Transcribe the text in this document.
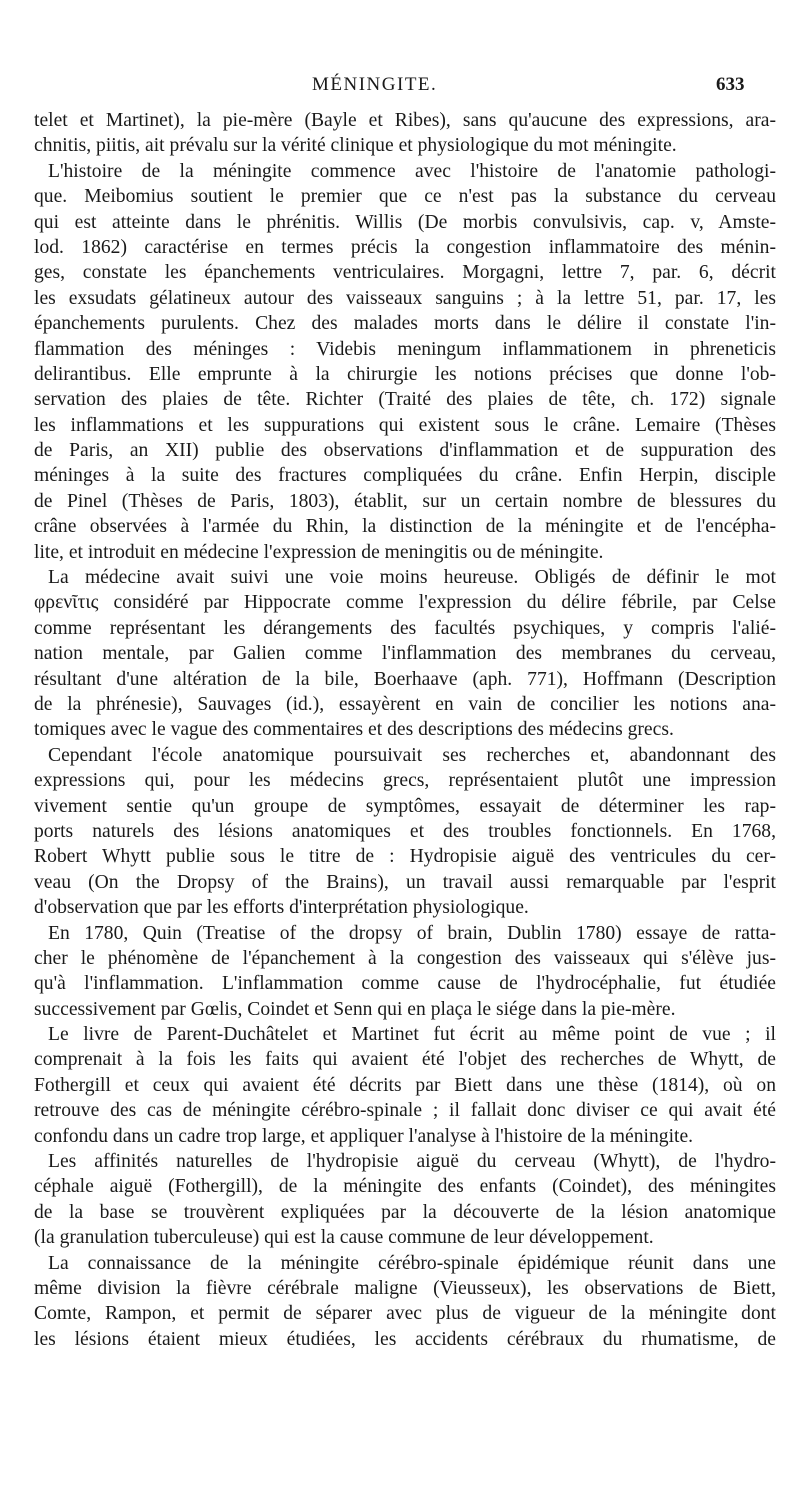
MÉNINGITE.	633
telet et Martinet), la pie-mère (Bayle et Ribes), sans qu'aucune des expressions, ara-
chnitis, piitis, ait prévalu sur la vérité clinique et physiologique du mot méningite.
L'histoire de la méningite commence avec l'histoire de l'anatomie pathologi-
que. Meibomius soutient le premier que ce n'est pas la substance du cerveau
qui est atteinte dans le phrénitis. Willis (De morbis convulsivis, cap. v, Amste-
lod. 1862) caractérise en termes précis la congestion inflammatoire des ménin-
ges, constate les épanchements ventriculaires. Morgagni, lettre 7, par. 6, décrit
les exsudats gélatineux autour des vaisseaux sanguins ; à la lettre 51, par. 17, les
épanchements purulents. Chez des malades morts dans le délire il constate l'in-
flammation des méninges : Videbis meningum inflammationem in phreneticis
delirantibus. Elle emprunte à la chirurgie les notions précises que donne l'ob-
servation des plaies de tête. Richter (Traité des plaies de tête, ch. 172) signale
les inflammations et les suppurations qui existent sous le crâne. Lemaire (Thèses
de Paris, an XII) publie des observations d'inflammation et de suppuration des
méninges à la suite des fractures compliquées du crâne. Enfin Herpin, disciple
de Pinel (Thèses de Paris, 1803), établit, sur un certain nombre de blessures du
crâne observées à l'armée du Rhin, la distinction de la méningite et de l'encépha-
lite, et introduit en médecine l'expression de meningitis ou de méningite.
La médecine avait suivi une voie moins heureuse. Obligés de définir le mot
φρενῖτις considéré par Hippocrate comme l'expression du délire fébrile, par Celse
comme représentant les dérangements des facultés psychiques, y compris l'alié-
nation mentale, par Galien comme l'inflammation des membranes du cerveau,
résultant d'une altération de la bile, Boerhaave (aph. 771), Hoffmann (Description
de la phrénesie), Sauvages (id.), essayèrent en vain de concilier les notions ana-
tomiques avec le vague des commentaires et des descriptions des médecins grecs.
Cependant l'école anatomique poursuivait ses recherches et, abandonnant des
expressions qui, pour les médecins grecs, représentaient plutôt une impression
vivement sentie qu'un groupe de symptômes, essayait de déterminer les rap-
ports naturels des lésions anatomiques et des troubles fonctionnels. En 1768,
Robert Whytt publie sous le titre de : Hydropisie aiguë des ventricules du cer-
veau (On the Dropsy of the Brains), un travail aussi remarquable par l'esprit
d'observation que par les efforts d'interprétation physiologique.
En 1780, Quin (Treatise of the dropsy of brain, Dublin 1780) essaye de ratta-
cher le phénomène de l'épanchement à la congestion des vaisseaux qui s'élève jus-
qu'à l'inflammation. L'inflammation comme cause de l'hydrocéphalie, fut étudiée
successivement par Gœlis, Coindet et Senn qui en plaça le siége dans la pie-mère.
Le livre de Parent-Duchâtelet et Martinet fut écrit au même point de vue ; il
comprenait à la fois les faits qui avaient été l'objet des recherches de Whytt, de
Fothergill et ceux qui avaient été décrits par Biett dans une thèse (1814), où on
retrouve des cas de méningite cérébro-spinale ; il fallait donc diviser ce qui avait été
confondu dans un cadre trop large, et appliquer l'analyse à l'histoire de la méningite.
Les affinités naturelles de l'hydropisie aiguë du cerveau (Whytt), de l'hydro-
céphale aiguë (Fothergill), de la méningite des enfants (Coindet), des méningites
de la base se trouvèrent expliquées par la découverte de la lésion anatomique
(la granulation tuberculeuse) qui est la cause commune de leur développement.
La connaissance de la méningite cérébro-spinale épidémique réunit dans une
même division la fièvre cérébrale maligne (Vieusseux), les observations de Biett,
Comte, Rampon, et permit de séparer avec plus de vigueur de la méningite dont
les lésions étaient mieux étudiées, les accidents cérébraux du rhumatisme, de
